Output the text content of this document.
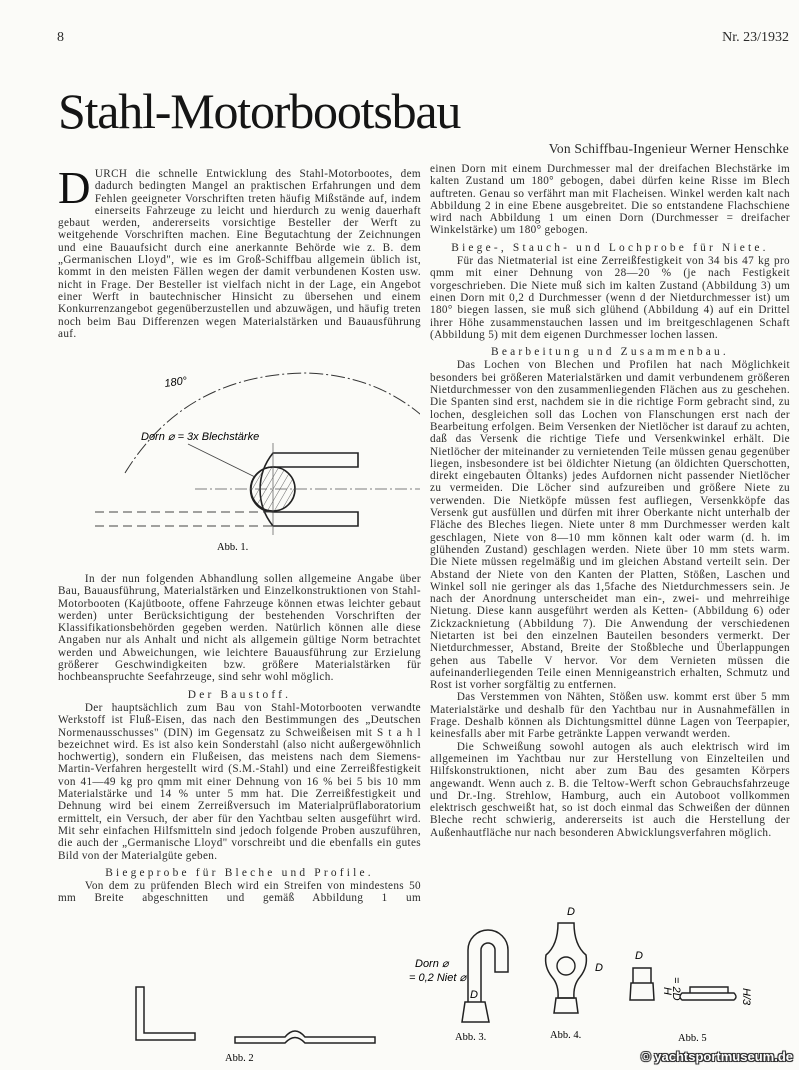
8	Nr. 23/1932
Stahl-Motorbootsbau
Von Schiffbau-Ingenieur Werner Henschke

DURCH die schnelle Entwicklung des Stahl-Motorbootes, dem dadurch bedingten Mangel an praktischen Erfahrungen und dem Fehlen geeigneter Vorschriften treten häufig Mißstände auf, indem einerseits Fahrzeuge zu leicht und hierdurch zu wenig dauerhaft gebaut werden, andererseits vorsichtige Besteller der Werft zu weitgehende Vorschriften machen. Eine Begutachtung der Zeichnungen und eine Bauaufsicht durch eine anerkannte Behörde wie z. B. dem „Germanischen Lloyd", wie es im Groß-Schiffbau allgemein üblich ist, kommt in den meisten Fällen wegen der damit verbundenen Kosten usw. nicht in Frage. Der Besteller ist vielfach nicht in der Lage, ein Angebot einer Werft in bautechnischer Hinsicht zu übersehen und einem Konkurrenzangebot gegenüberzustellen und abzuwägen, und häufig treten noch beim Bau Differenzen wegen Materialstärken und Bauausführung auf.

180°
Dorn ⌀ = 3x Blechstärke
Abb. 1.

In der nun folgenden Abhandlung sollen allgemeine Angabe über Bau, Bauausführung, Materialstärken und Einzelkonstruktionen von Stahl-Motorbooten (Kajütboote, offene Fahrzeuge können etwas leichter gebaut werden) unter Berücksichtigung der bestehenden Vorschriften der Klassifikationsbehörden gegeben werden. Natürlich können alle diese Angaben nur als Anhalt und nicht als allgemein gültige Norm betrachtet werden und Abweichungen, wie leichtere Bauausführung zur Erzielung größerer Geschwindigkeiten bzw. größere Materialstärken für hochbeanspruchte Seefahrzeuge, sind sehr wohl möglich.

Der Baustoff.

Der hauptsächlich zum Bau von Stahl-Motorbooten verwandte Werkstoff ist Fluß-Eisen, das nach den Bestimmungen des „Deutschen Normenausschusses" (DIN) im Gegensatz zu Schweißeisen mit S t a h l bezeichnet wird. Es ist also kein Sonderstahl (also nicht außergewöhnlich hochwertig), sondern ein Flußeisen, das meistens nach dem Siemens-Martin-Verfahren hergestellt wird (S.M.-Stahl) und eine Zerreißfestigkeit von 41—49 kg pro qmm mit einer Dehnung von 16 % bei 5 bis 10 mm Materialstärke und 14 % unter 5 mm hat. Die Zerreißfestigkeit und Dehnung wird bei einem Zerreißversuch im Materialprüflaboratorium ermittelt, ein Versuch, der aber für den Yachtbau selten ausgeführt wird. Mit sehr einfachen Hilfsmitteln sind jedoch folgende Proben auszuführen, die auch der „Germanische Lloyd" vorschreibt und die ebenfalls ein gutes Bild von der Materialgüte geben.

Biegeprobe für Bleche und Profile.

Von dem zu prüfenden Blech wird ein Streifen von mindestens 50 mm Breite abgeschnitten und gemäß Abbildung 1 um

einen Dorn mit einem Durchmesser mal der dreifachen Blechstärke im kalten Zustand um 180° gebogen, dabei dürfen keine Risse im Blech auftreten. Genau so verfährt man mit Flacheisen. Winkel werden kalt nach Abbildung 2 in eine Ebene ausgebreitet. Die so entstandene Flachschiene wird nach Abbildung 1 um einen Dorn (Durchmesser = dreifacher Winkelstärke) um 180° gebogen.

Biege-, Stauch- und Lochprobe für Niete.

Für das Nietmaterial ist eine Zerreißfestigkeit von 34 bis 47 kg pro qmm mit einer Dehnung von 28—20 % (je nach Festigkeit vorgeschrieben. Die Niete muß sich im kalten Zustand (Abbildung 3) um einen Dorn mit 0,2 d Durchmesser (wenn d der Nietdurchmesser ist) um 180° biegen lassen, sie muß sich glühend (Abbildung 4) auf ein Drittel ihrer Höhe zusammenstauchen lassen und im breitgeschlagenen Schaft (Abbildung 5) mit dem eigenen Durchmesser lochen lassen.

Bearbeitung und Zusammenbau.

Das Lochen von Blechen und Profilen hat nach Möglichkeit besonders bei größeren Materialstärken und damit verbundenem größeren Nietdurchmesser von den zusammenliegenden Flächen aus zu geschehen. Die Spanten sind erst, nachdem sie in die richtige Form gebracht sind, zu lochen, desgleichen soll das Lochen von Flanschungen erst nach der Bearbeitung erfolgen. Beim Versenken der Nietlöcher ist darauf zu achten, daß das Versenk die richtige Tiefe und Versenkwinkel erhält. Die Nietlöcher der miteinander zu vernietenden Teile müssen genau gegenüber liegen, insbesondere ist bei öldichter Nietung (an öldichten Querschotten, direkt eingebauten Öltanks) jedes Aufdornen nicht passender Nietlöcher zu vermeiden. Die Löcher sind aufzureiben und größere Niete zu verwenden. Die Nietköpfe müssen fest aufliegen, Versenkköpfe das Versenk gut ausfüllen und dürfen mit ihrer Oberkante nicht unterhalb der Fläche des Bleches liegen. Niete unter 8 mm Durchmesser werden kalt geschlagen, Niete von 8—10 mm können kalt oder warm (d. h. im glühenden Zustand) geschlagen werden. Niete über 10 mm stets warm. Die Niete müssen regelmäßig und im gleichen Abstand verteilt sein. Der Abstand der Niete von den Kanten der Platten, Stößen, Laschen und Winkel soll nie geringer als das 1,5fache des Nietdurchmessers sein. Je nach der Anordnung unterscheidet man ein-, zwei- und mehrreihige Nietung. Diese kann ausgeführt werden als Ketten- (Abbildung 6) oder Zickzacknietung (Abbildung 7). Die Anwendung der verschiedenen Nietarten ist bei den einzelnen Bauteilen besonders vermerkt. Der Nietdurchmesser, Abstand, Breite der Stoßbleche und Überlappungen gehen aus Tabelle V hervor. Vor dem Vernieten müssen die aufeinanderliegenden Teile einen Mennigeanstrich erhalten, Schmutz und Rost ist vorher sorgfältig zu entfernen.

Das Verstemmen von Nähten, Stößen usw. kommt erst über 5 mm Materialstärke und deshalb für den Yachtbau nur in Ausnahmefällen in Frage. Deshalb können als Dichtungsmittel dünne Lagen von Teerpapier, keinesfalls aber mit Farbe getränkte Lappen verwandt werden.

Die Schweißung sowohl autogen als auch elektrisch wird im allgemeinen im Yachtbau nur zur Herstellung von Einzelteilen und Hilfskonstruktionen, nicht aber zum Bau des gesamten Körpers angewandt. Wenn auch z. B. die Teltow-Werft schon Gebrauchsfahrzeuge und Dr.-Ing. Strehlow, Hamburg, auch ein Autoboot vollkommen elektrisch geschweißt hat, so ist doch einmal das Schweißen der dünnen Bleche recht schwierig, andererseits ist auch die Herstellung der Außenhautfläche nur nach besonderen Abwicklungsverfahren möglich.

Abb. 2
Dorn ⌀
= 0,2 Niet ⌀
D
Abb. 3.
D
D
Abb. 4.
D
H
= 2D	H/3
Abb. 5
© yachtsportmuseum.de
